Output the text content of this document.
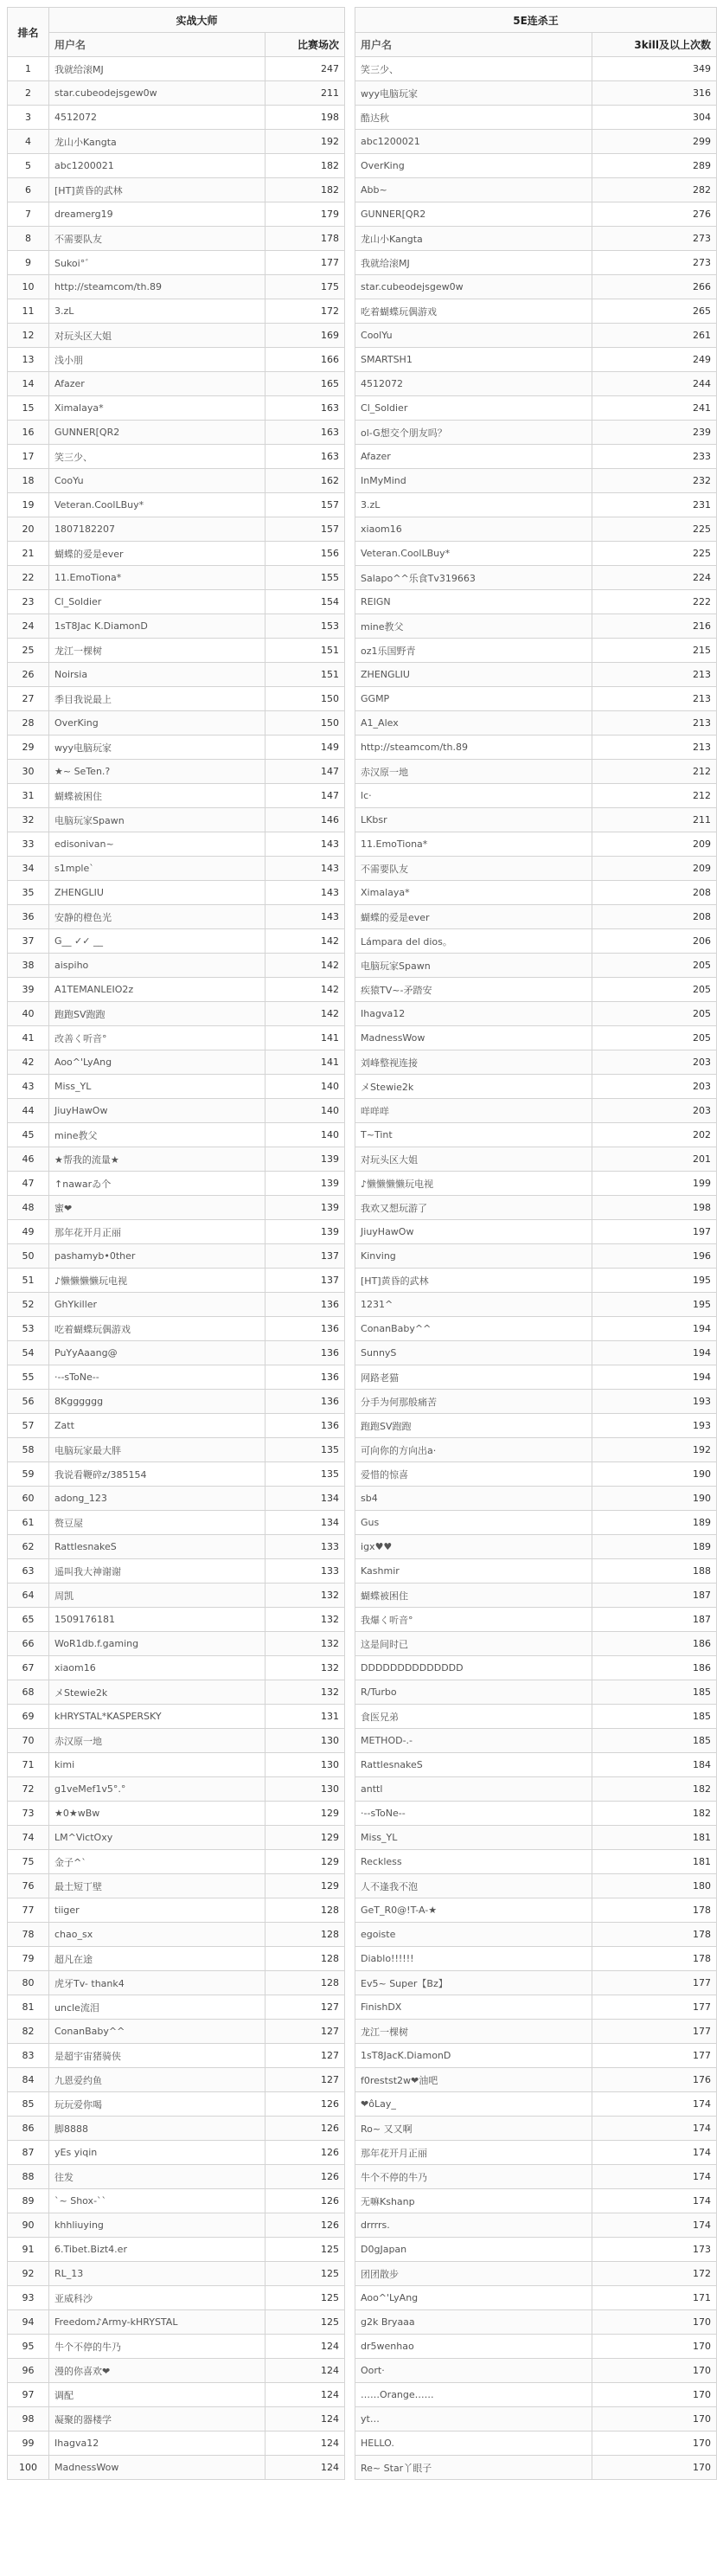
排名	实战大师			5E连杀王	
	用户名	比赛场次		用户名	3kill及以上次数
1	我就给滚MJ	247		笑三少、	349
2	star.cubeodejsgew0w	211		wyy电脑玩家	316
3	4512072	198		酷达秋	304
4	龙山小Kangta	192		abc1200021	299
5	abc1200021	182		OverKing	289
6	[HT]黄昏的武林	182		Abb~	282
7	dreamerg19	179		GUNNER[QR2	276
8	不需要队友	178		龙山小Kangta	273
9	Sukoi°゛	177		我就给滚MJ	273
10	http://steamcom/th.89	175		star.cubeodejsgew0w	266
11	3.zL	172		吃着蝴蝶玩偶游戏	265
12	对玩头区大姐	169		CoolYu	261
13	浅小朋	166		SMARTSH1	249
14	Afazer	165		4512072	244
15	Ximalaya*	163		Cl_Soldier	241
16	GUNNER[QR2	163		ol-G想交个朋友吗？	239
17	笑三少、	163		Afazer	233
18	CooYu	162		InMyMind	232
19	Veteran.CoolLBuy*	157		3.zL	231
20	1807182207	157		xiaom16	225
21	蝴蝶的爱是ever	156		Veteran.CoolLBuy*	225
22	11.EmoTiona*	155		Salapo^^乐食Tv319663	224
23	Cl_Soldier	154		REIGN	222
24	1sT8Jac K.DiamonD	153		mine教父	216
25	龙江一棵树	151		oz1乐国野青	215
26	Noirsia	151		ZHENGLIU	213
27	季目我说最上	150		GGMP	213
28	OverKing	150		A1_Alex	213
29	wyy电脑玩家	149		http://steamcom/th.89	213
30	★~ SeTen.?	147		赤汉原一地	212
31	蝴蝶被困住	147		lc·	212
32	电脑玩家Spawn	146		LKbsr	211
33	edisonivan~	143		11.EmoTiona*	209
34	s1mple`	143		不需要队友	209
35	ZHENGLIU	143		Ximalaya*	208
36	安静的橙色光	143		蝴蝶的爱是ever	208
37	G__ ✓✓ __	142		Lámpara del dios。	206
38	aispiho	142		电脑玩家Spawn	205
39	A1TEMANLEIO2z	142		疾猿TV~-矛踏安	205
40	跑跑SV跑跑	142		Ihagva12	205
41	改善く听音°	141		MadnessWow	205
42	Aoo^'LyAng	141		刘峰整视连接	203
43	Miss_YL	140		メStewie2k	203
44	JiuyHawOw	140		咩咩咩	203
45	mine教父	140		T~Tint	202
46	★帮我的流量★	139		对玩头区大姐	201
47	↑nawarゐ个	139		♪懒懒懒懒玩电视	199
48	蜜❤	139		我欢又想玩游了	198
49	那年花开月正丽	139		JiuyHawOw	197
50	pashamyb•0ther	137		Kinving	196
51	♪懒懒懒懒玩电视	137		[HT]黄昏的武林	195
52	GhYkiller	136		1231^	195
53	吃着蝴蝶玩偶游戏	136		ConanBaby^^	194
54	PuYyAaang@	136		SunnyS	194
55	·--sToNe--	136		网路老猫	194
56	8Kgggggg	136		分手为何那般痛苦	193
57	Zatt	136		跑跑SV跑跑	193
58	电脑玩家最大胖	135		可向你的方向出a·	192
59	我说看鞭碎z/385154	135		爱惜的惊喜	190
60	adong_123	134		sb4	190
61	赘豆屋	134		Gus	189
62	RattlesnakeS	133		igx♥♥	189
63	遥叫我大神谢谢	133		Kashmir	188
64	周凯	132		蝴蝶被困住	187
65	1509176181	132		我爆く听音°	187
66	WoR1db.f.gaming	132		这是间时已	186
67	xiaom16	132		DDDDDDDDDDDDDD	186
68	メStewie2k	132		R/Turbo	185
69	kHRYSTAL*KASPERSKY	131		食医兄弟	185
70	赤汉原一地	130		METHOD-.-	185
71	kimi	130		RattlesnakeS	184
72	g1veMef1v5°.°	130		anttl	182
73	★0★wBw	129		·--sToNe--	182
74	LM^VictOxy	129		Miss_YL	181
75	金子^`	129		Reckless	181
76	最土短丁壁	129		人不逢我不泡	180
77	tiiger	128		GeT_R0@!T-A-★	178
78	chao_sx	128		egoiste	178
79	超凡在途	128		Diablo!!!!!!	178
80	虎牙Tv- thank4	128		Ev5~ Super【Bz】	177
81	uncle流泪	127		FinishDX	177
82	ConanBaby^^	127		龙江一棵树	177
83	是超宇宙猪骑侠	127		1sT8JacK.DiamonD	177
84	九恩爱约鱼	127		f0restst2w❤油吧	176
85	玩玩爱你喝	126		❤ôLay_	174
86	脚8888	126		Ro~ 又又啊	174
87	yEs yiqin	126		那年花开月正丽	174
88	往发	126		牛个不停的牛乃	174
89	`~ Shox-``	126		无嘛Kshanp	174
90	khhliuying	126		drrrrs.	174
91	6.Tibet.Bizt4.er	125		D0gJapan	173
92	RL_13	125		团团散步	172
93	亚威科沙	125		Aoo^'LyAng	171
94	Freedom♪Army-kHRYSTAL	125		g2k Bryaaa	170
95	牛个不停的牛乃	124		dr5wenhao	170
96	漫的你喜欢❤	124		Oort·	170
97	调配	124		……Orange……	170
98	凝聚的器楼学	124		yt…	170
99	Ihagva12	124		HELLO.	170
100	MadnessWow	124		Re~ Star丫眼子	170
